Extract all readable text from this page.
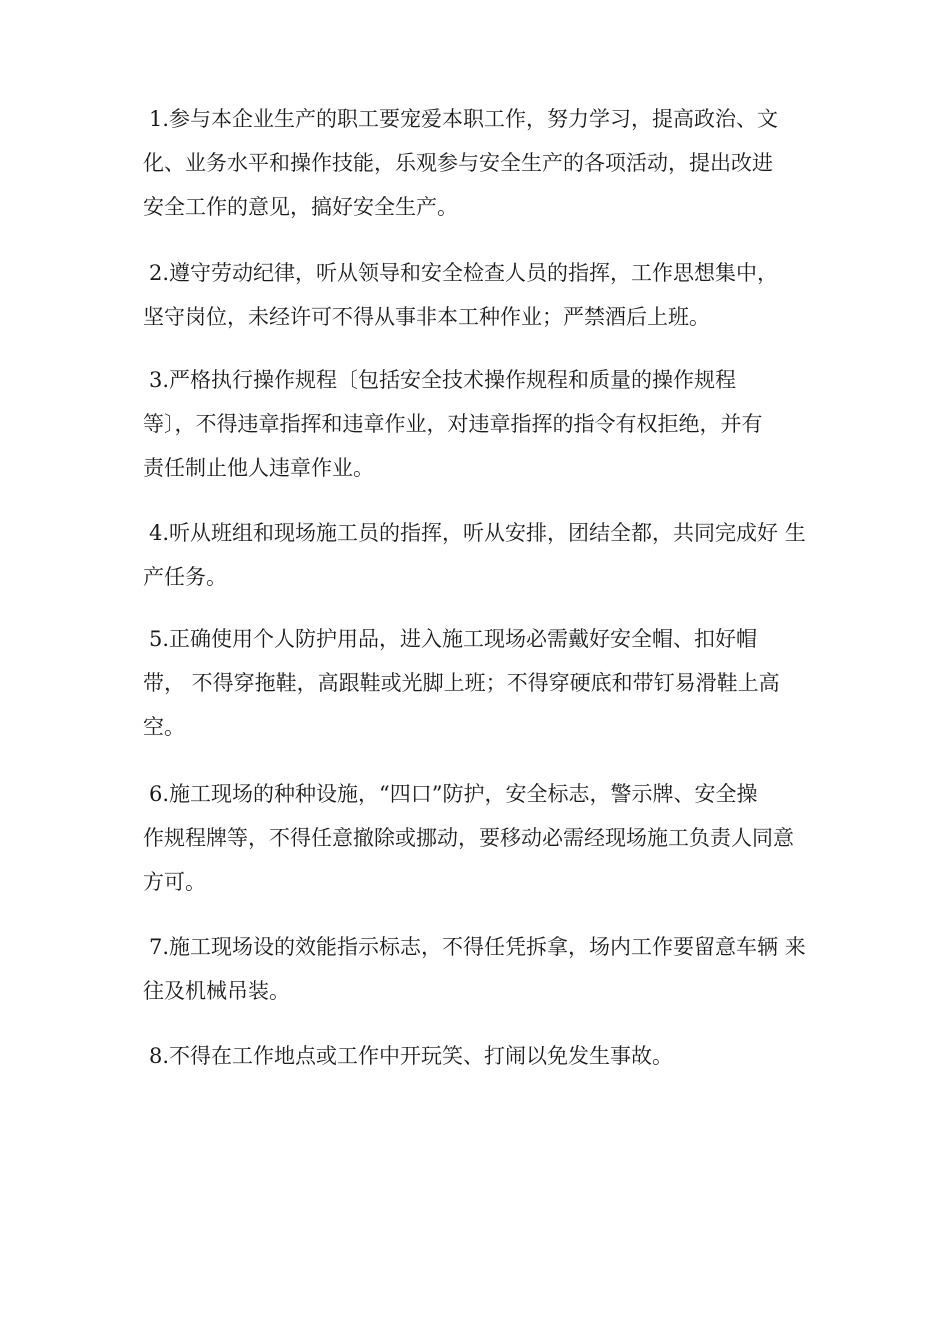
1.参与本企业生产的职工要宠爱本职工作，努力学习，提高政治、文
化、业务水平和操作技能，乐观参与安全生产的各项活动，提出改进
安全工作的意见，搞好安全生产。
2.遵守劳动纪律，听从领导和安全检查人员的指挥，工作思想集中，
坚守岗位，未经许可不得从事非本工种作业；严禁酒后上班。
3.严格执行操作规程〔包括安全技术操作规程和质量的操作规程
等〕，不得违章指挥和违章作业，对违章指挥的指令有权拒绝，并有
责任制止他人违章作业。
4.听从班组和现场施工员的指挥，听从安排，团结全都，共同完成好 生
产任务。
5.正确使用个人防护用品，进入施工现场必需戴好安全帽、扣好帽
带， 不得穿拖鞋，高跟鞋或光脚上班；不得穿硬底和带钉易滑鞋上高
空。
6.施工现场的种种设施，“四口”防护，安全标志，警示牌、安全操
作规程牌等，不得任意撤除或挪动，要移动必需经现场施工负责人同意
方可。
7.施工现场设的效能指示标志，不得任凭拆拿，场内工作要留意车辆 来
往及机械吊装。
8.不得在工作地点或工作中开玩笑、打闹以免发生事故。
